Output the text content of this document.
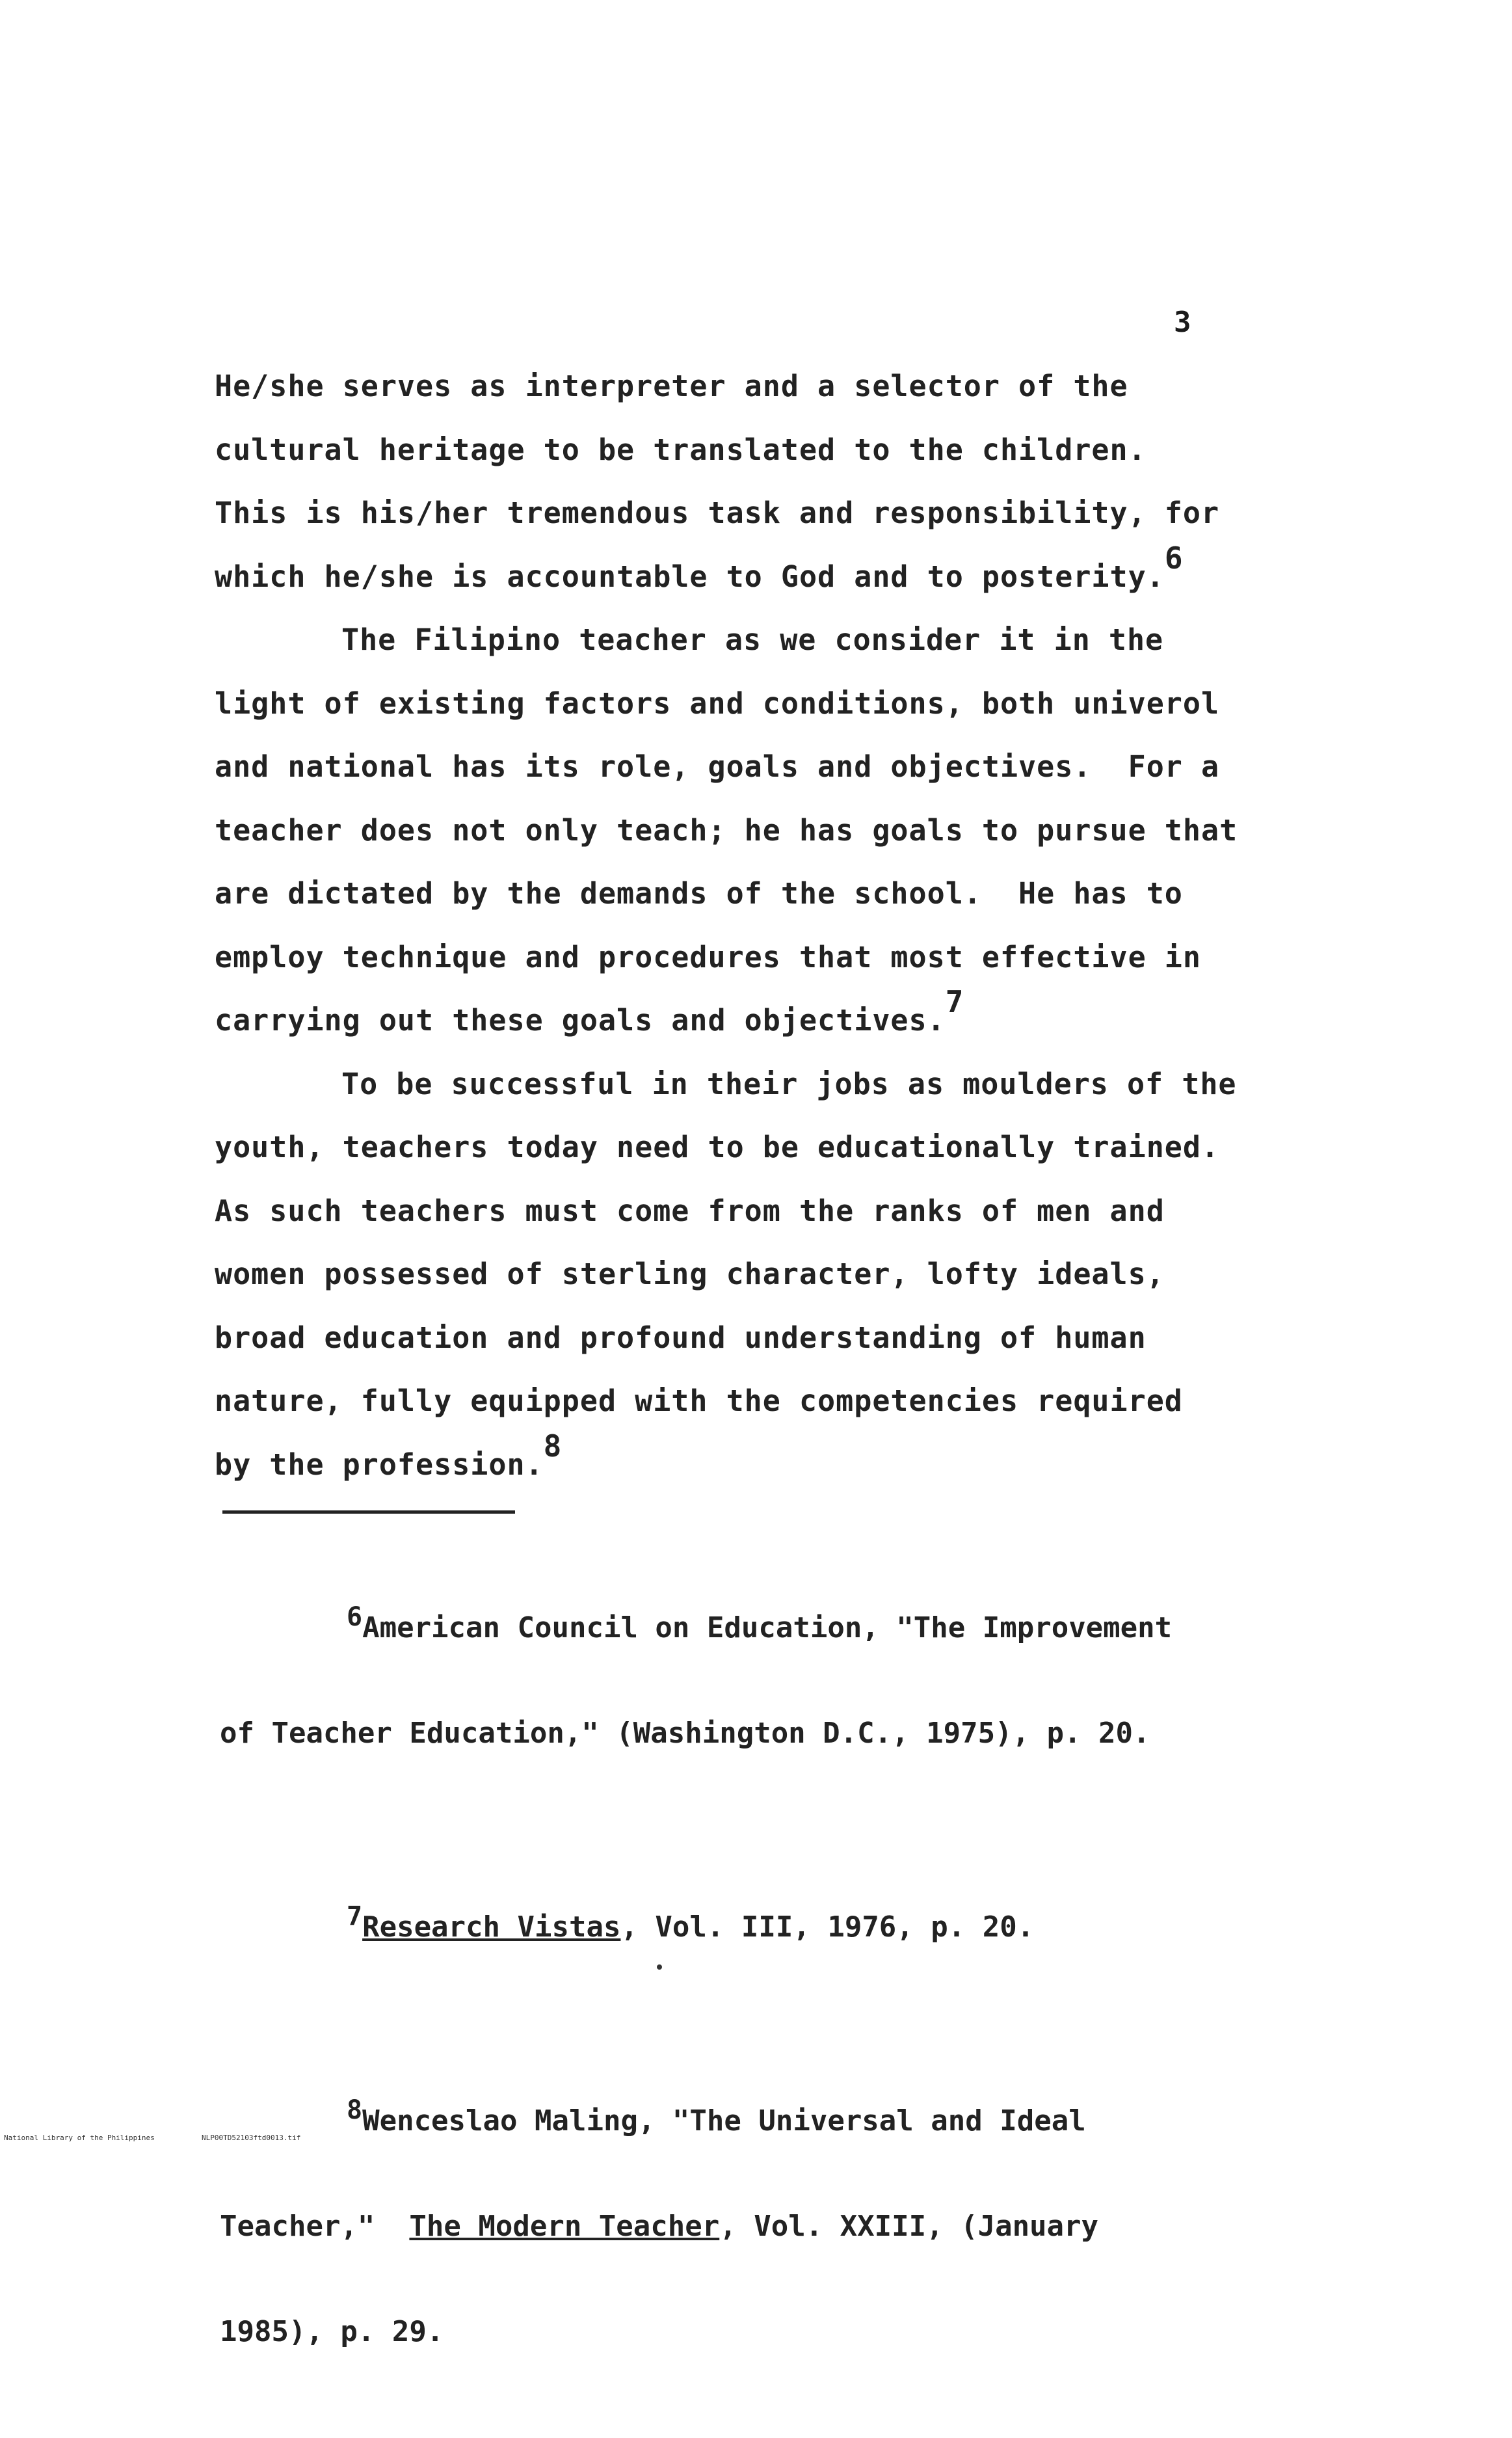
3
He/she serves as interpreter and a selector of the
cultural heritage to be translated to the children.
This is his/her tremendous task and responsibility, for
which he/she is accountable to God and to posterity.6
The Filipino teacher as we consider it in the
light of existing factors and conditions, both univerol
and national has its role, goals and objectives.  For a
teacher does not only teach; he has goals to pursue that
are dictated by the demands of the school.  He has to
employ technique and procedures that most effective in
carrying out these goals and objectives.7
To be successful in their jobs as moulders of the
youth, teachers today need to be educationally trained.
As such teachers must come from the ranks of men and
women possessed of sterling character, lofty ideals,
broad education and profound understanding of human
nature, fully equipped with the competencies required
by the profession.8

6American Council on Education, "The Improvement

of Teacher Education," (Washington D.C., 1975), p. 20.

7Research Vistas, Vol. III, 1976, p. 20.

8Wenceslao Maling, "The Universal and Ideal

Teacher,"  The Modern Teacher, Vol. XXIII, (January

1985), p. 29.

National Library of the Philippines	NLP00TD52103ftd0013.tif
